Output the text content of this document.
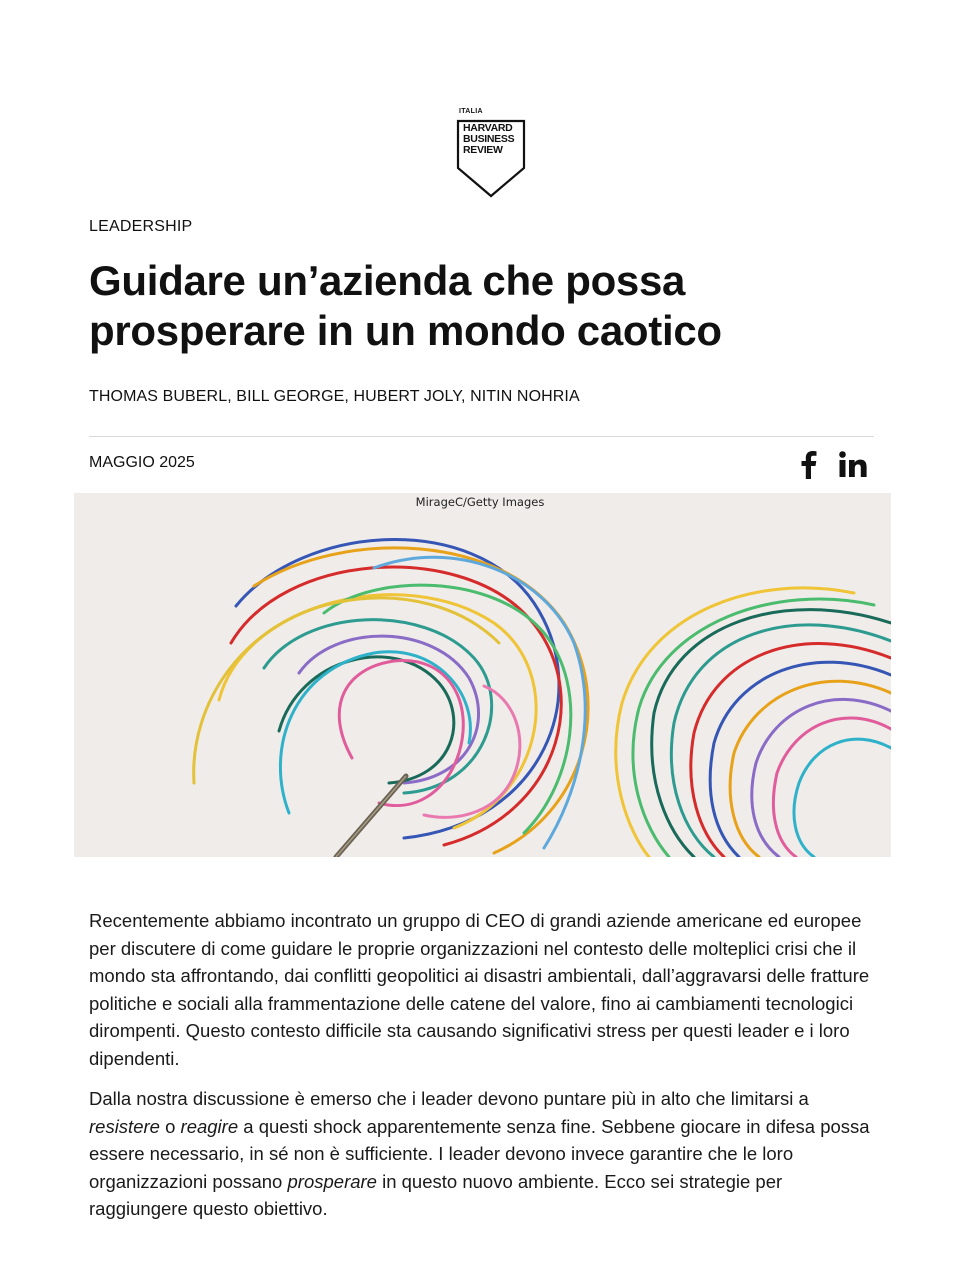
ITALIA
HARVARD
BUSINESS
REVIEW
LEADERSHIP
Guidare un’azienda che possa prosperare in un mondo caotico
THOMAS BUBERL, BILL GEORGE, HUBERT JOLY, NITIN NOHRIA
MAGGIO 2025
MirageC/Getty Images

Recentemente abbiamo incontrato un gruppo di CEO di grandi aziende americane ed europee per discutere di come guidare le proprie organizzazioni nel contesto delle molteplici crisi che il mondo sta affrontando, dai conflitti geopolitici ai disastri ambientali, dall’aggravarsi delle fratture politiche e sociali alla frammentazione delle catene del valore, fino ai cambiamenti tecnologici dirompenti. Questo contesto difficile sta causando significativi stress per questi leader e i loro dipendenti.

Dalla nostra discussione è emerso che i leader devono puntare più in alto che limitarsi a resistere o reagire a questi shock apparentemente senza fine. Sebbene giocare in difesa possa essere necessario, in sé non è sufficiente. I leader devono invece garantire che le loro organizzazioni possano prosperare in questo nuovo ambiente. Ecco sei strategie per raggiungere questo obiettivo.
